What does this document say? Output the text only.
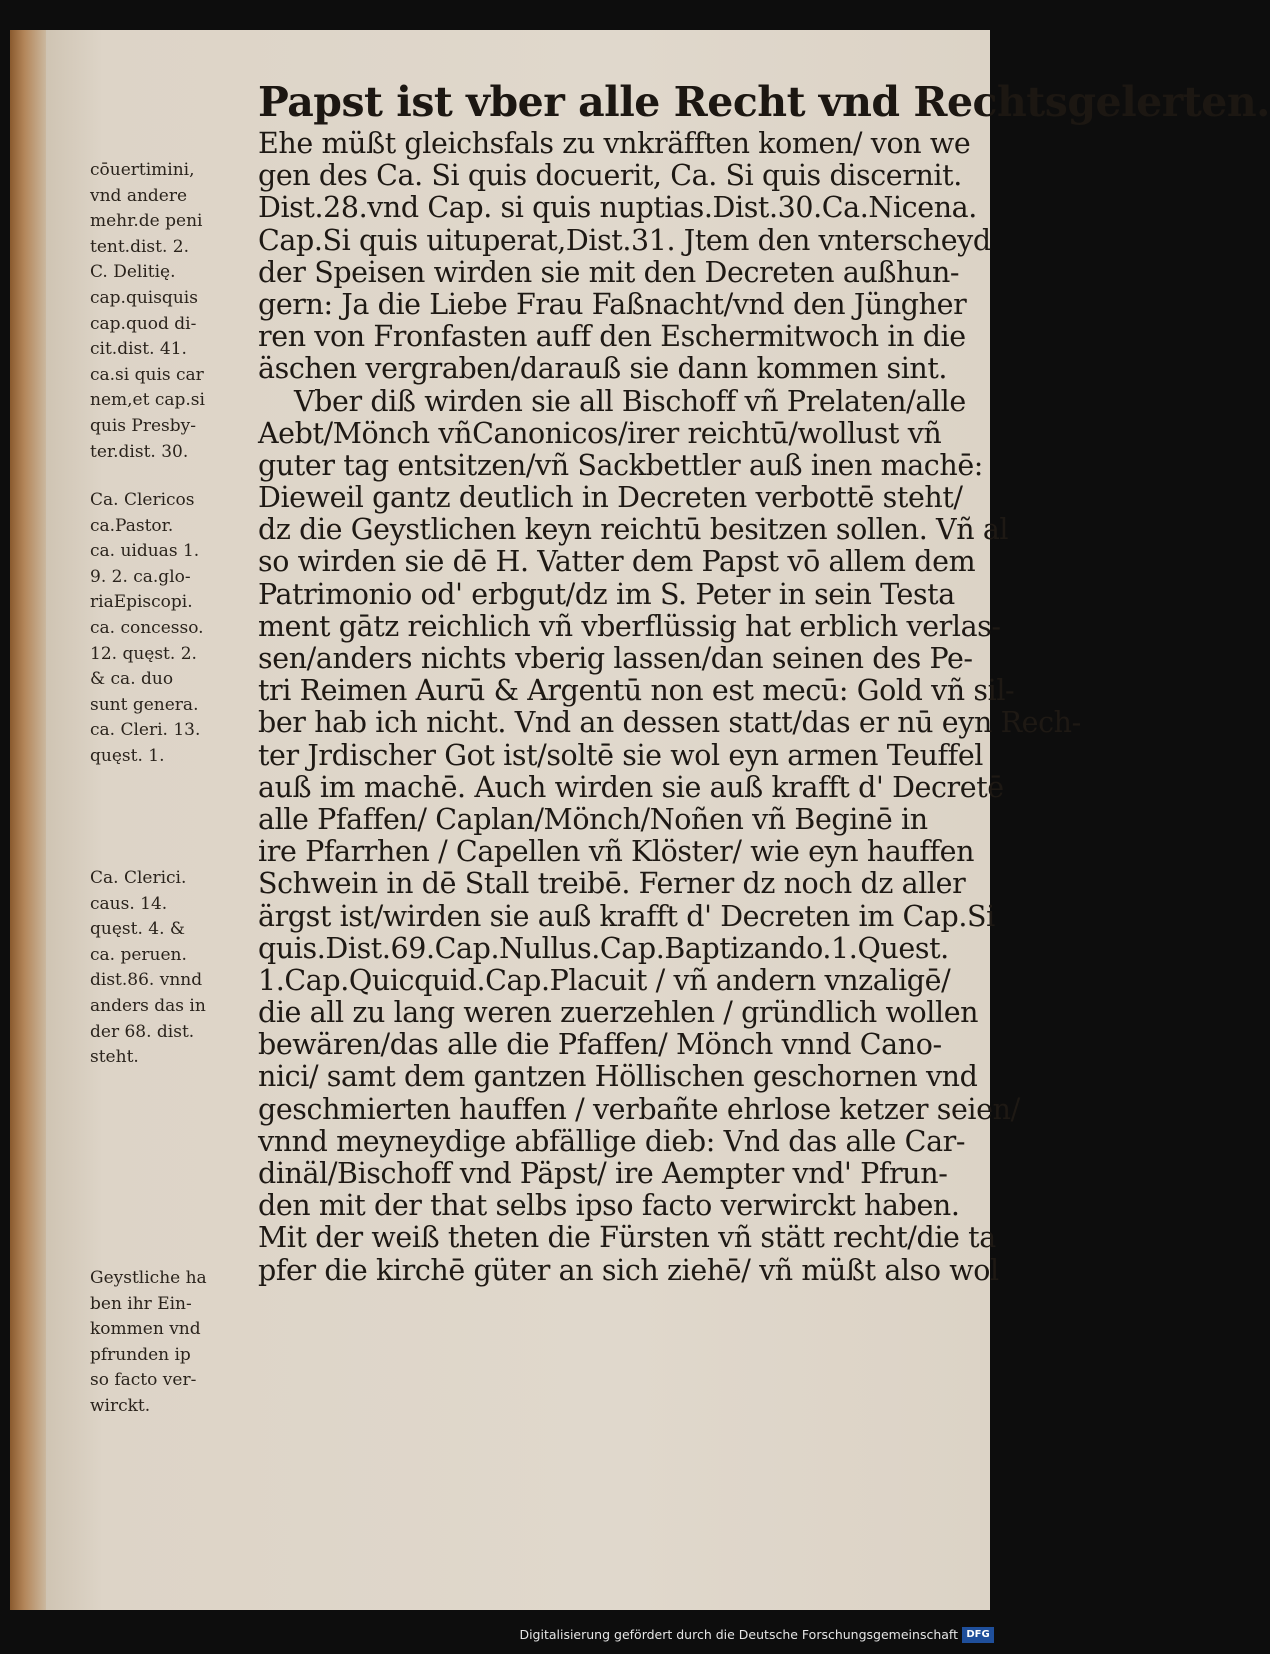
Papst ist vber alle Recht vnd Rechtsgelerten.
cōuertimini,
vnd andere
mehr.de peni
tent.dist. 2.
C. Delitię.
cap.quisquis
cap.quod di-
cit.dist. 41.
ca.si quis car
nem,et cap.si
quis Presby-
ter.dist. 30.
Ca. Clericos
ca.Pastor.
ca. uiduas 1.
9. 2. ca.glo-
riaEpiscopi.
ca. concesso.
12. quęst. 2.
& ca. duo
sunt genera.
ca. Cleri. 13.
quęst. 1.
Ca. Clerici.
caus. 14.
quęst. 4. &
ca. peruen.
dist.86. vnnd
anders das in
der 68. dist.
steht.
Geystliche ha
ben ihr Ein-
kommen vnd
pfrunden ip
so facto ver-
wirckt.
Ehe müßt gleichsfals zu vnkräfften komen/ von we
gen des Ca. Si quis docuerit, Ca. Si quis discernit.
Dist.28.vnd Cap. si quis nuptias.Dist.30.Ca.Nicena.
Cap.Si quis uituperat,Dist.31. Jtem den vnterscheyd
der Speisen wirden sie mit den Decreten außhun-
gern: Ja die Liebe Frau Faßnacht/vnd den Jüngher
ren von Fronfasten auff den Eschermitwoch in die
äschen vergraben/darauß sie dann kommen sint.
Vber diß wirden sie all Bischoff vñ Prelaten/alle
Aebt/Mönch vñCanonicos/irer reichtū/wollust vñ
guter tag entsitzen/vñ Sackbettler auß inen machē:
Dieweil gantz deutlich in Decreten verbottē steht/
dz die Geystlichen keyn reichtū besitzen sollen. Vñ al
so wirden sie dē H. Vatter dem Papst vō allem dem
Patrimonio od' erbgut/dz im S. Peter in sein Testa
ment gātz reichlich vñ vberflüssig hat erblich verlas-
sen/anders nichts vberig lassen/dan seinen des Pe-
tri Reimen Aurū & Argentū non est mecū: Gold vñ sil-
ber hab ich nicht. Vnd an dessen statt/das er nū eyn Rech-
ter Jrdischer Got ist/soltē sie wol eyn armen Teuffel
auß im machē. Auch wirden sie auß krafft d' Decretē
alle Pfaffen/ Caplan/Mönch/Noñen vñ Beginē in
ire Pfarrhen / Capellen vñ Klöster/ wie eyn hauffen
Schwein in dē Stall treibē. Ferner dz noch dz aller
ärgst ist/wirden sie auß krafft d' Decreten im Cap.Si
quis.Dist.69.Cap.Nullus.Cap.Baptizando.1.Quest.
1.Cap.Quicquid.Cap.Placuit / vñ andern vnzaligē/
die all zu lang weren zuerzehlen / gründlich wollen
bewären/das alle die Pfaffen/ Mönch vnnd Cano-
nici/ samt dem gantzen Höllischen geschornen vnd
geschmierten hauffen / verbañte ehrlose ketzer seien/
vnnd meyneydige abfällige dieb: Vnd das alle Car-
dinäl/Bischoff vnd Päpst/ ire Aempter vnd' Pfrun-
den mit der that selbs ipso facto verwirckt haben.
Mit der weiß theten die Fürsten vñ stätt recht/die ta
pfer die kirchē güter an sich ziehē/ vñ müßt also wol
Digitalisierung gefördert durch die Deutsche Forschungsgemeinschaft DFG
